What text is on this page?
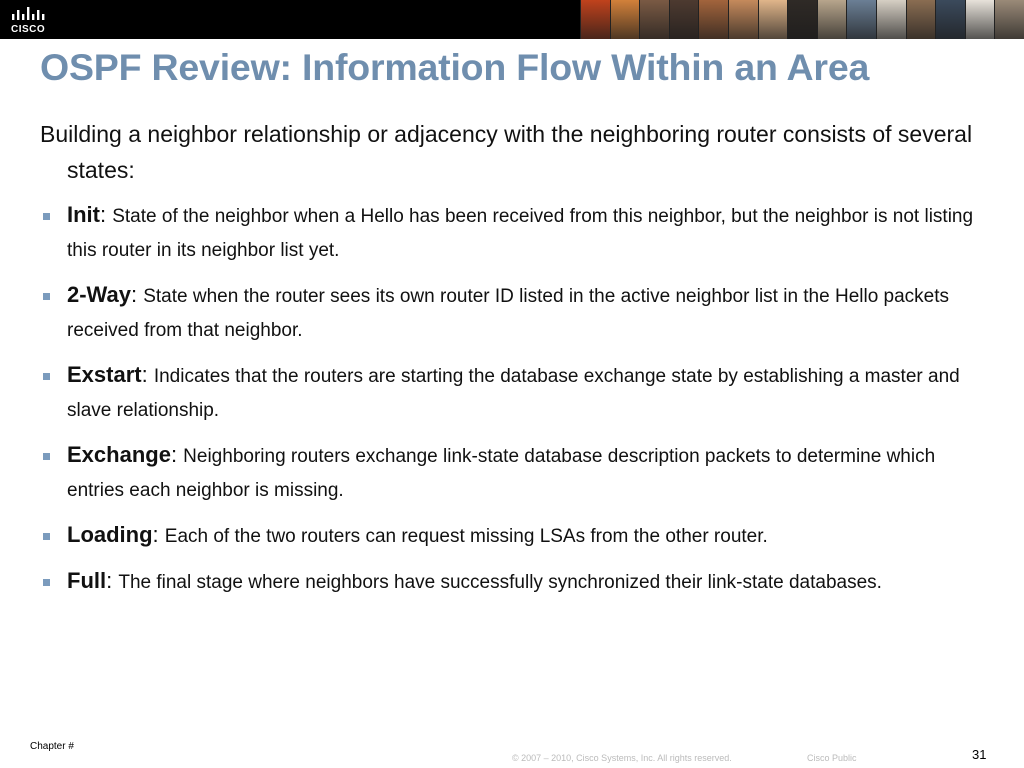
CISCO
OSPF Review: Information Flow Within an Area
Building a neighbor relationship or adjacency with the neighboring router consists of several states:
Init: State of the neighbor when a Hello has been received from this neighbor, but the neighbor is not listing this router in its neighbor list yet.
2-Way: State when the router sees its own router ID listed in the active neighbor list in the Hello packets received from that neighbor.
Exstart: Indicates that the routers are starting the database exchange state by establishing a master and slave relationship.
Exchange: Neighboring routers exchange link-state database description packets to determine which entries each neighbor is missing.
Loading: Each of the two routers can request missing LSAs from the other router.
Full: The final stage where neighbors have successfully synchronized their link-state databases.
Chapter #
© 2007 – 2010, Cisco Systems, Inc. All rights reserved.	Cisco Public	31
